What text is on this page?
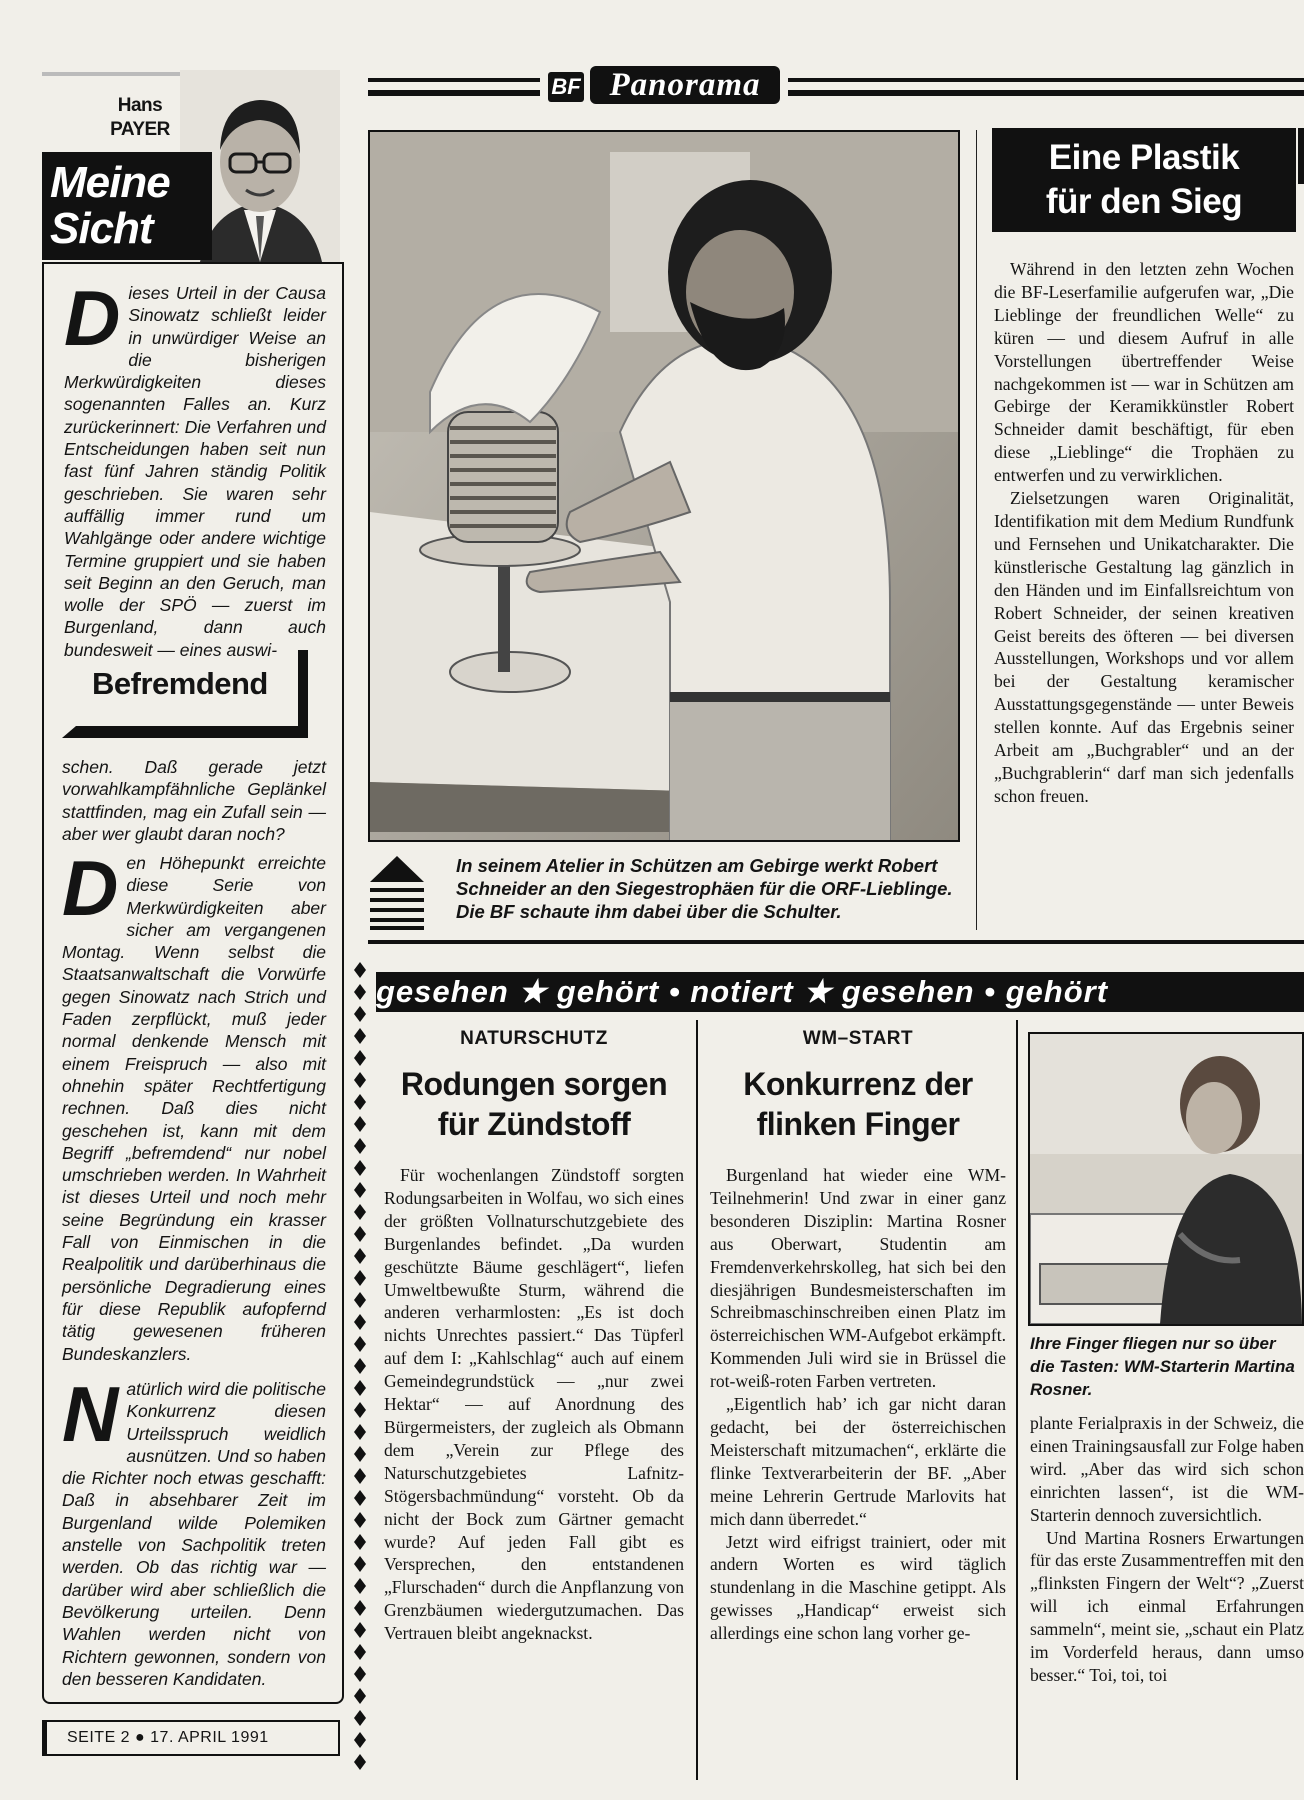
Hans
PAYER
Meine
Sicht

Dieses Urteil in der Causa Sinowatz schließt leider in unwürdiger Weise an die bisherigen Merkwürdigkeiten dieses sogenannten Falles an. Kurz zurückerinnert: Die Verfahren und Entscheidungen haben seit nun fast fünf Jahren ständig Politik geschrieben. Sie waren sehr auffällig immer rund um Wahlgänge oder andere wichtige Termine gruppiert und sie haben seit Beginn an den Geruch, man wolle der SPÖ — zuerst im Burgenland, dann auch bundesweit — eines auswi-

Befremdend

schen. Daß gerade jetzt vorwahlkampfähnliche Geplänkel stattfinden, mag ein Zufall sein — aber wer glaubt daran noch?

Den Höhepunkt erreichte diese Serie von Merkwürdigkeiten aber sicher am vergangenen Montag. Wenn selbst die Staatsanwaltschaft die Vorwürfe gegen Sinowatz nach Strich und Faden zerpflückt, muß jeder normal denkende Mensch mit einem Freispruch — also mit ohnehin später Rechtfertigung rechnen. Daß dies nicht geschehen ist, kann mit dem Begriff „befremdend“ nur nobel umschrieben werden. In Wahrheit ist dieses Urteil und noch mehr seine Begründung ein krasser Fall von Einmischen in die Realpolitik und darüberhinaus die persönliche Degradierung eines für diese Republik aufopfernd tätig gewesenen früheren Bundeskanzlers.

Natürlich wird die politische Konkurrenz diesen Urteilsspruch weidlich ausnützen. Und so haben die Richter noch etwas geschafft: Daß in absehbarer Zeit im Burgenland wilde Polemiken anstelle von Sachpolitik treten werden. Ob das richtig war — darüber wird aber schließlich die Bevölkerung urteilen. Denn Wahlen werden nicht von Richtern gewonnen, sondern von den besseren Kandidaten.

SEITE 2 ● 17. APRIL 1991
BF Panorama
In seinem Atelier in Schützen am Gebirge werkt Robert Schneider an den Siegestrophäen für die ORF-Lieblinge. Die BF schaute ihm dabei über die Schulter.
Eine Plastik
für den Sieg

Während in den letzten zehn Wochen die BF-Leserfamilie aufgerufen war, „Die Lieblinge der freundlichen Welle“ zu küren — und diesem Aufruf in alle Vorstellungen übertreffender Weise nachgekommen ist — war in Schützen am Gebirge der Keramikkünstler Robert Schneider damit beschäftigt, für eben diese „Lieblinge“ die Trophäen zu entwerfen und zu verwirklichen.

Zielsetzungen waren Originalität, Identifikation mit dem Medium Rundfunk und Fernsehen und Unikatcharakter. Die künstlerische Gestaltung lag gänzlich in den Händen und im Einfallsreichtum von Robert Schneider, der seinen kreativen Geist bereits des öfteren — bei diversen Ausstellungen, Workshops und vor allem bei der Gestaltung keramischer Ausstattungsgegenstände — unter Beweis stellen konnte. Auf das Ergebnis seiner Arbeit am „Buchgrabler“ und an der „Buchgrablerin“ darf man sich jedenfalls schon freuen.

gesehen ★ gehört • notiert ★ gesehen • gehört
NATURSCHUTZ
Rodungen sorgen
für Zündstoff

Für wochenlangen Zündstoff sorgten Rodungsarbeiten in Wolfau, wo sich eines der größten Vollnaturschutzgebiete des Burgenlandes befindet. „Da wurden geschützte Bäume geschlägert“, liefen Umweltbewußte Sturm, während die anderen verharmlosten: „Es ist doch nichts Unrechtes passiert.“ Das Tüpferl auf dem I: „Kahlschlag“ auch auf einem Gemeindegrundstück — „nur zwei Hektar“ — auf Anordnung des Bürgermeisters, der zugleich als Obmann dem „Verein zur Pflege des Naturschutzgebietes Lafnitz-Stögersbachmündung“ vorsteht. Ob da nicht der Bock zum Gärtner gemacht wurde? Auf jeden Fall gibt es Versprechen, den entstandenen „Flurschaden“ durch die Anpflanzung von Grenzbäumen wiedergutzumachen. Das Vertrauen bleibt angeknackst.

WM–START
Konkurrenz der
flinken Finger

Burgenland hat wieder eine WM-Teilnehmerin! Und zwar in einer ganz besonderen Disziplin: Martina Rosner aus Oberwart, Studentin am Fremdenverkehrskolleg, hat sich bei den diesjährigen Bundesmeisterschaften im Schreibmaschinschreiben einen Platz im österreichischen WM-Aufgebot erkämpft. Kommenden Juli wird sie in Brüssel die rot-weiß-roten Farben vertreten.

„Eigentlich hab’ ich gar nicht daran gedacht, bei der österreichischen Meisterschaft mitzumachen“, erklärte die flinke Textverarbeiterin der BF. „Aber meine Lehrerin Gertrude Marlovits hat mich dann überredet.“

Jetzt wird eifrigst trainiert, oder mit andern Worten es wird täglich stundenlang in die Maschine getippt. Als gewisses „Handicap“ erweist sich allerdings eine schon lang vorher ge-

Ihre Finger fliegen nur so über die Tasten: WM-Starterin Martina Rosner.

plante Ferialpraxis in der Schweiz, die einen Trainingsausfall zur Folge haben wird. „Aber das wird sich schon einrichten lassen“, ist die WM-Starterin dennoch zuversichtlich.

Und Martina Rosners Erwartungen für das erste Zusammentreffen mit den „flinksten Fingern der Welt“? „Zuerst will ich einmal Erfahrungen sammeln“, meint sie, „schaut ein Platz im Vorderfeld heraus, dann umso besser.“ Toi, toi, toi
